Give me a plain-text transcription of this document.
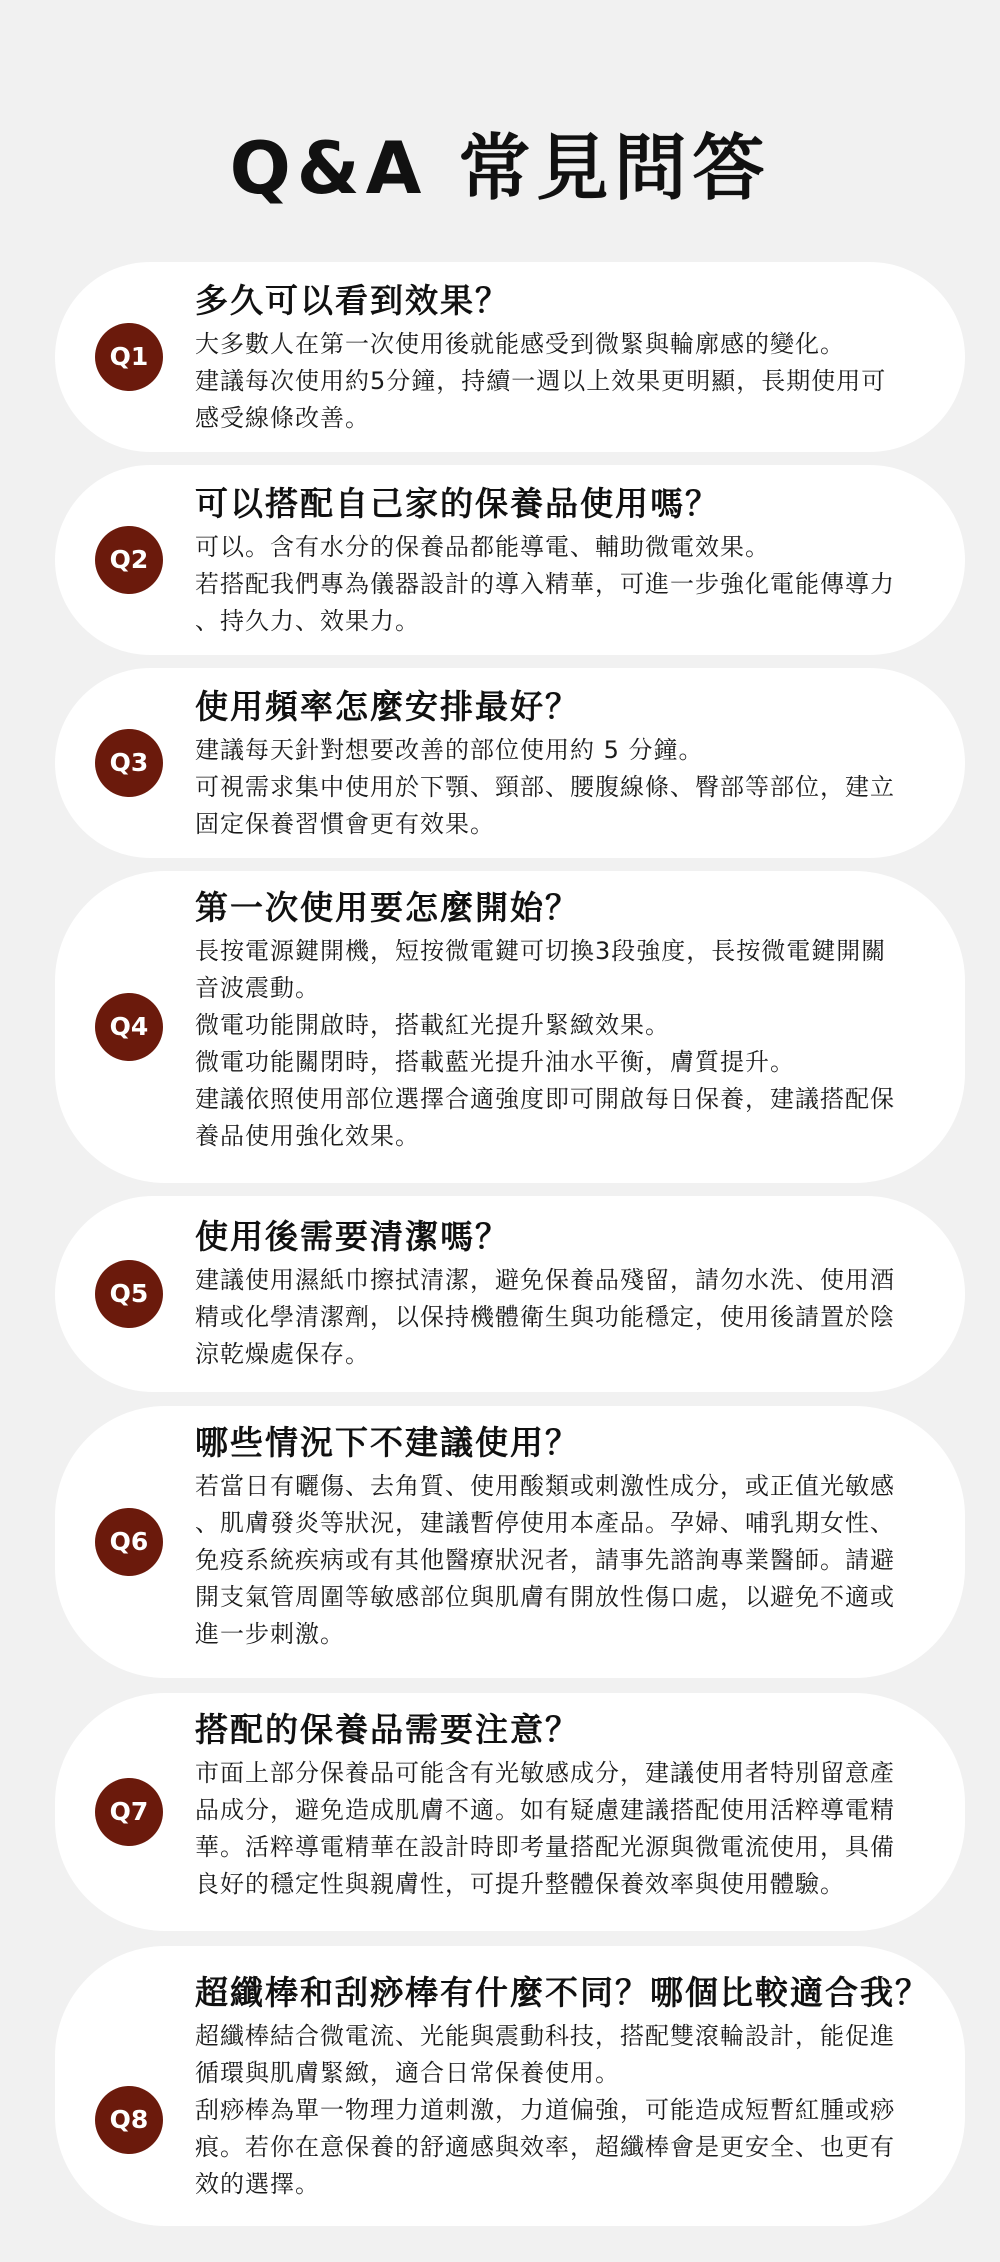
Q&A 常見問答
Q1
多久可以看到效果？
大多數人在第一次使用後就能感受到微緊與輪廓感的變化。
建議每次使用約5分鐘，持續一週以上效果更明顯，長期使用可
感受線條改善。
Q2
可以搭配自己家的保養品使用嗎？
可以。含有水分的保養品都能導電、輔助微電效果。
若搭配我們專為儀器設計的導入精華，可進一步強化電能傳導力
、持久力、效果力。
Q3
使用頻率怎麼安排最好？
建議每天針對想要改善的部位使用約 5 分鐘。
可視需求集中使用於下顎、頸部、腰腹線條、臀部等部位，建立
固定保養習慣會更有效果。
Q4
第一次使用要怎麼開始？
長按電源鍵開機，短按微電鍵可切換3段強度，長按微電鍵開關
音波震動。
微電功能開啟時，搭載紅光提升緊緻效果。
微電功能關閉時，搭載藍光提升油水平衡，膚質提升。
建議依照使用部位選擇合適強度即可開啟每日保養，建議搭配保
養品使用強化效果。
Q5
使用後需要清潔嗎？
建議使用濕紙巾擦拭清潔，避免保養品殘留，請勿水洗、使用酒
精或化學清潔劑，以保持機體衛生與功能穩定，使用後請置於陰
涼乾燥處保存。
Q6
哪些情況下不建議使用？
若當日有曬傷、去角質、使用酸類或刺激性成分，或正值光敏感
、肌膚發炎等狀況，建議暫停使用本產品。孕婦、哺乳期女性、
免疫系統疾病或有其他醫療狀況者，請事先諮詢專業醫師。請避
開支氣管周圍等敏感部位與肌膚有開放性傷口處，以避免不適或
進一步刺激。
Q7
搭配的保養品需要注意？
市面上部分保養品可能含有光敏感成分，建議使用者特別留意產
品成分，避免造成肌膚不適。如有疑慮建議搭配使用活粹導電精
華。活粹導電精華在設計時即考量搭配光源與微電流使用，具備
良好的穩定性與親膚性，可提升整體保養效率與使用體驗。
Q8
超纖棒和刮痧棒有什麼不同？哪個比較適合我？
超纖棒結合微電流、光能與震動科技，搭配雙滾輪設計，能促進
循環與肌膚緊緻，適合日常保養使用。
刮痧棒為單一物理力道刺激，力道偏強，可能造成短暫紅腫或痧
痕。若你在意保養的舒適感與效率，超纖棒會是更安全、也更有
效的選擇。
